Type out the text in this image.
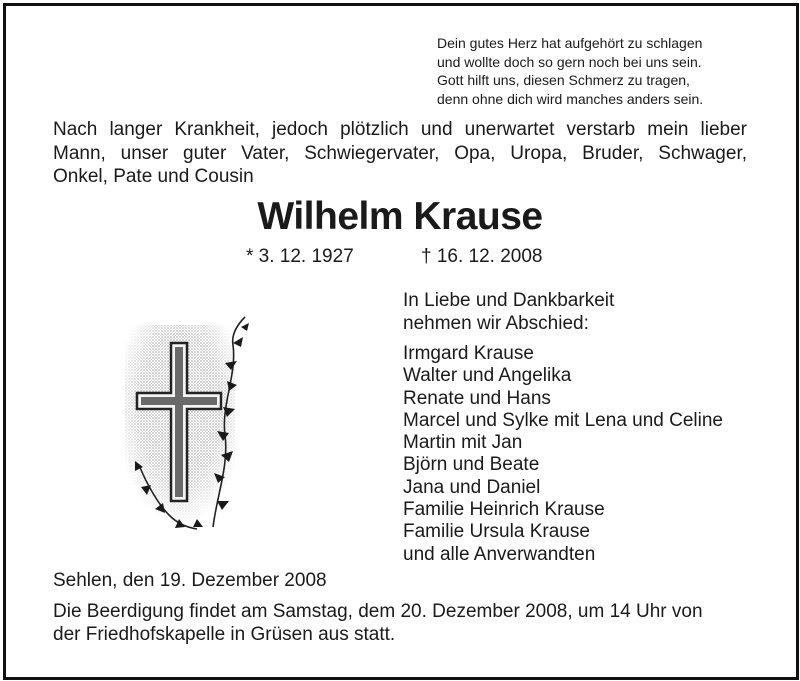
Dein gutes Herz hat aufgehört zu schlagen
und wollte doch so gern noch bei uns sein.
Gott hilft uns, diesen Schmerz zu tragen,
denn ohne dich wird manches anders sein.
Nach langer Krankheit, jedoch plötzlich und unerwartet verstarb mein lieber
Mann, unser guter Vater, Schwiegervater, Opa, Uropa, Bruder, Schwager,
Onkel, Pate und Cousin
Wilhelm Krause
* 3. 12. 1927	† 16. 12. 2008
In Liebe und Dankbarkeit
nehmen wir Abschied:
Irmgard Krause
Walter und Angelika
Renate und Hans
Marcel und Sylke mit Lena und Celine
Martin mit Jan
Björn und Beate
Jana und Daniel
Familie Heinrich Krause
Familie Ursula Krause
und alle Anverwandten
Sehlen, den 19. Dezember 2008
Die Beerdigung findet am Samstag, dem 20. Dezember 2008, um 14 Uhr von
der Friedhofskapelle in Grüsen aus statt.
